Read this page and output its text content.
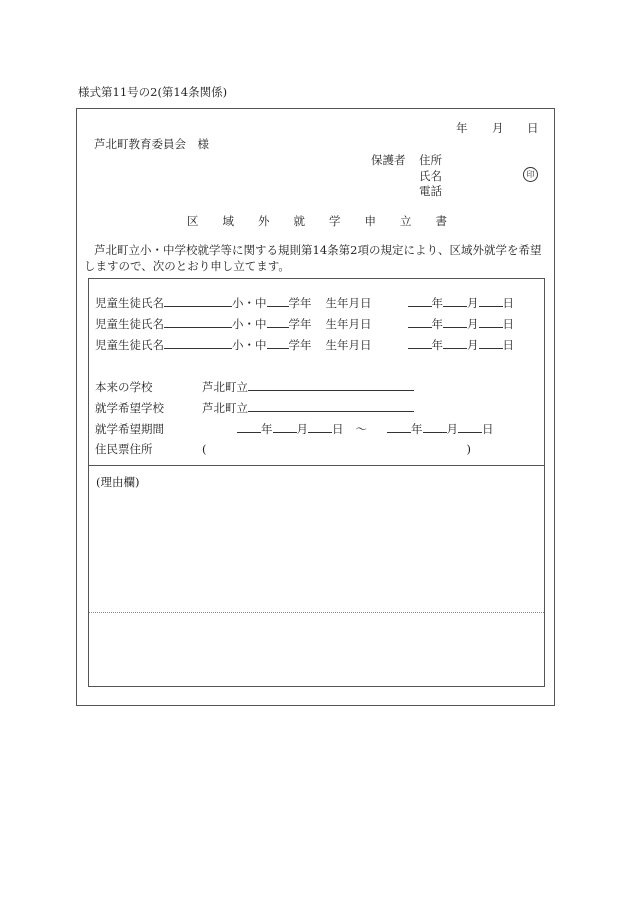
様式第11号の2(第14条関係)
年 月 日
芦北町教育委員会　様
保護者 住所
氏名	印
電話
区 域 外 就 学 申 立 書
芦北町立小・中学校就学等に関する規則第14条第2項の規定により、区域外就学を希望
しますので、次のとおり申し立てます。
児童生徒氏名	小・中 学年 生年月日	年 月 日
児童生徒氏名	小・中 学年 生年月日	年 月 日
児童生徒氏名	小・中 学年 生年月日	年 月 日
本来の学校	芦北町立
就学希望学校	芦北町立
就学希望期間	年 月 日 〜	年 月 日
住民票住所	(	)
(理由欄)
